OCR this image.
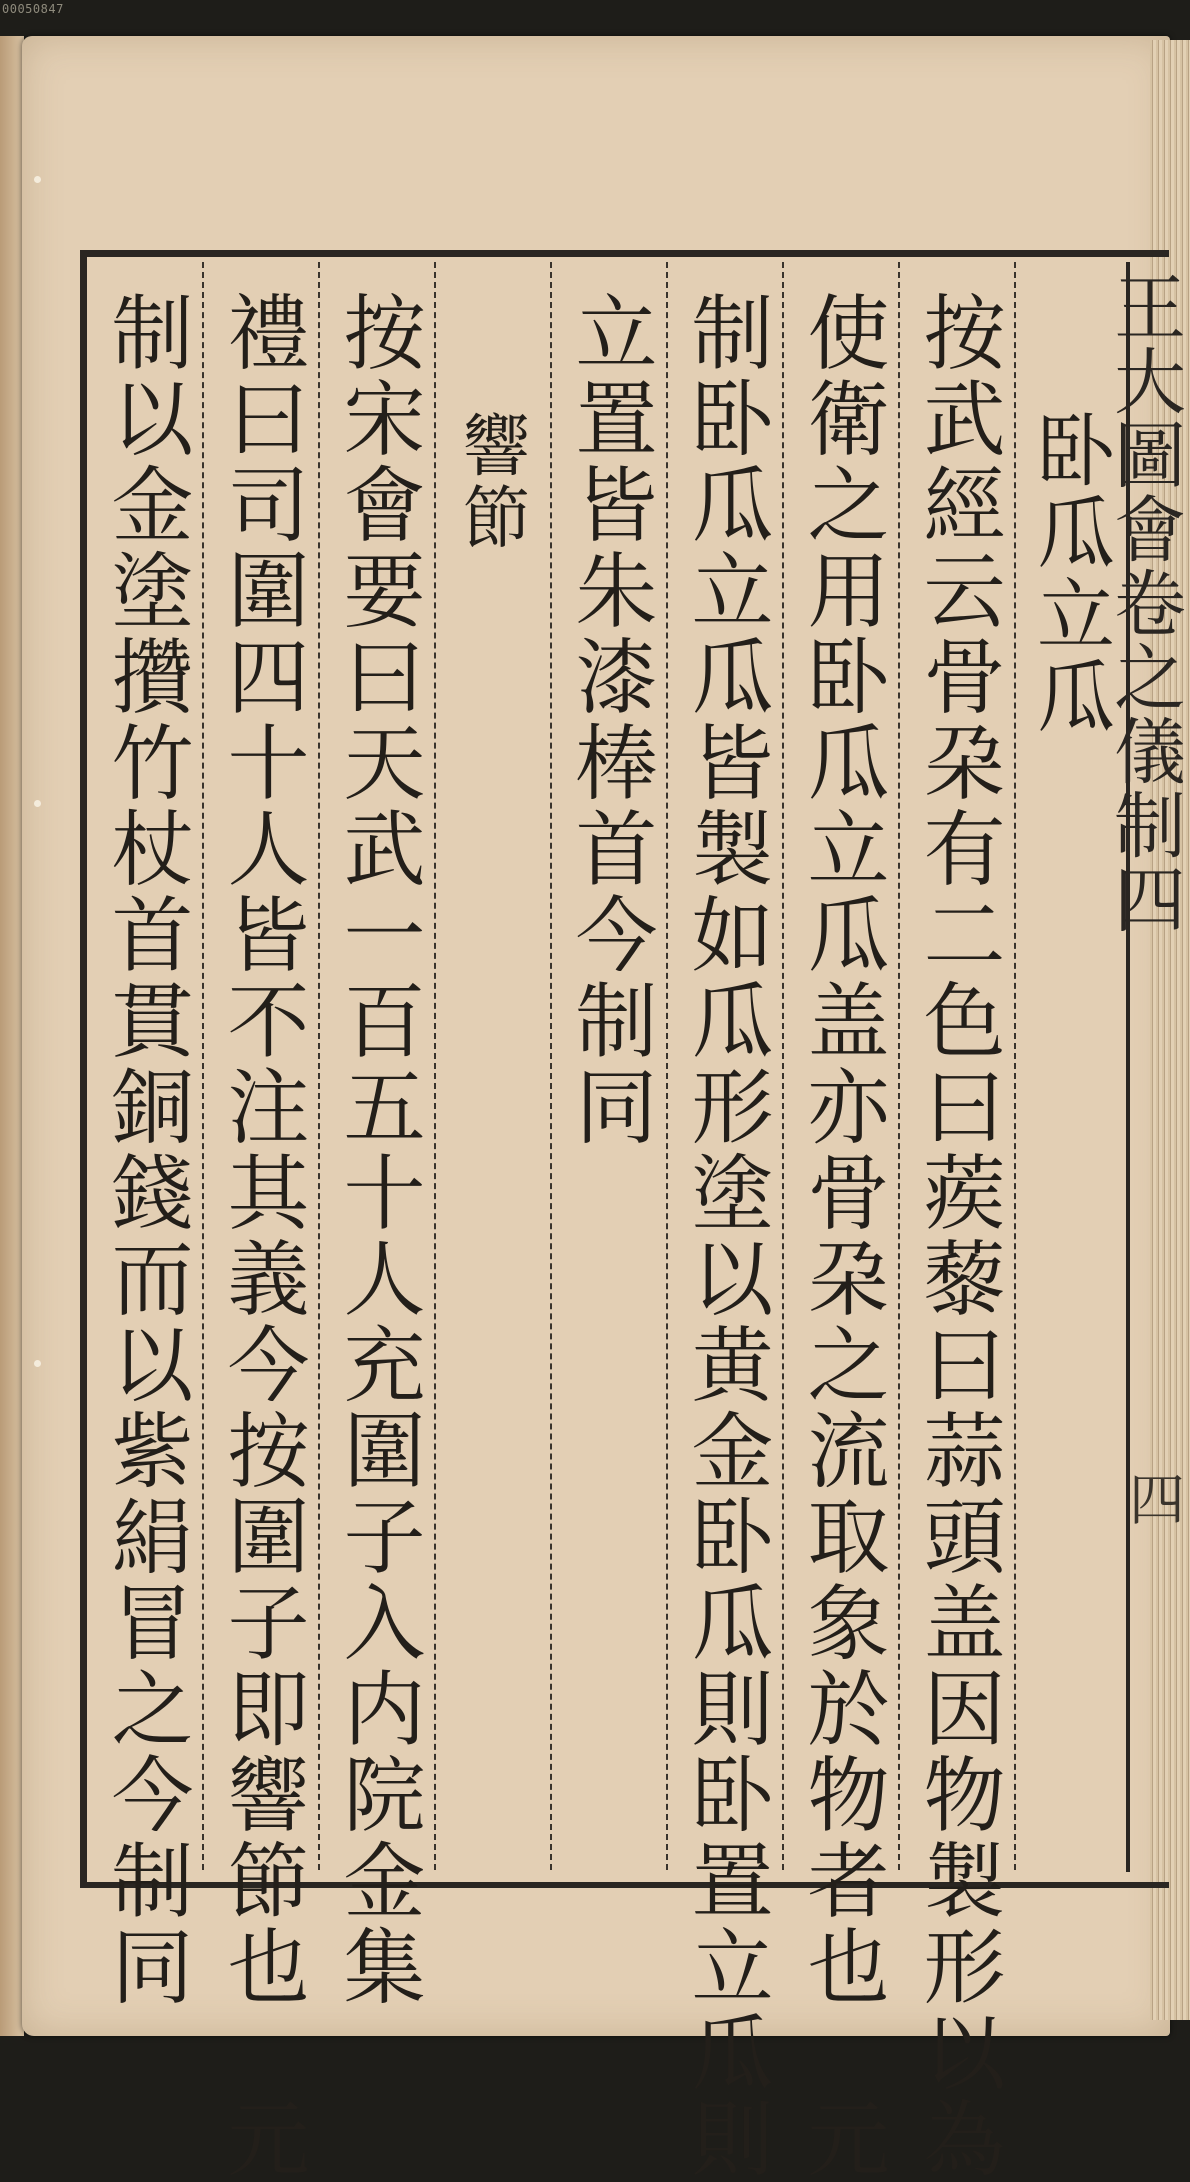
00050847
王大圖會卷之儀制四
四
卧瓜立瓜
按武經云骨朶有二色曰蒺藜曰蒜頭盖因物製形以為
使衛之用卧瓜立瓜盖亦骨朶之流取象於物者也　元
制卧瓜立瓜皆製如瓜形塗以黄金卧瓜則卧置立瓜則
立置皆朱漆棒首今制同
響節
按宋會要曰天武一百五十人充圍子入内院金集
禮曰司圍四十人皆不注其義今按圍子即響節也　元
制以金塗攢竹杖首貫銅錢而以紫絹冒之今制同
